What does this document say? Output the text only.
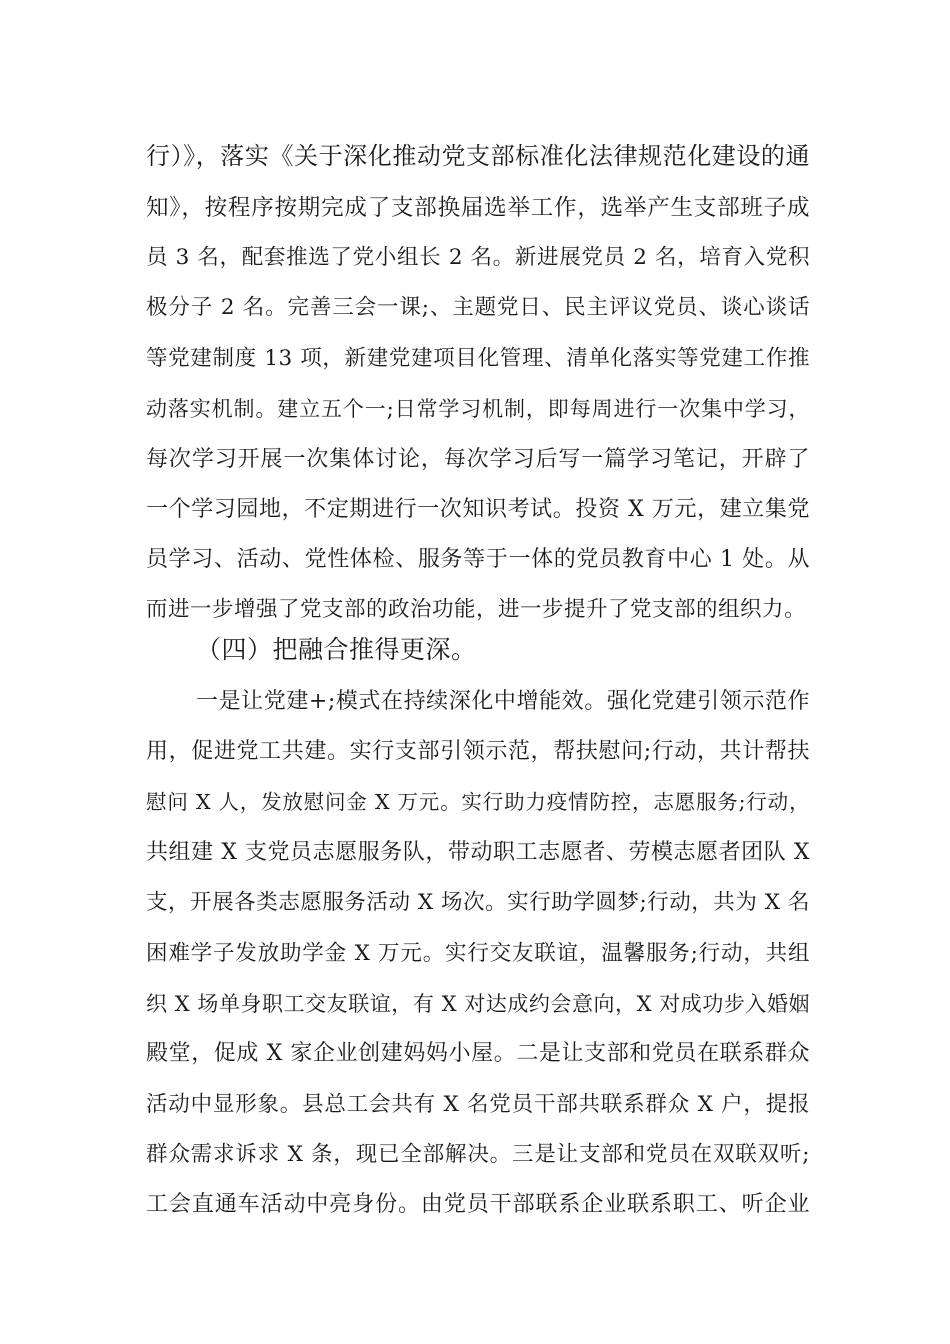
行）》，落实《关于深化推动党支部标准化法律规范化建设的通
知》，按程序按期完成了支部换届选举工作，选举产生支部班子成
员 3 名，配套推选了党小组长 2 名。新进展党员 2 名，培育入党积
极分子 2 名。完善三会一课;、主题党日、民主评议党员、谈心谈话
等党建制度 13 项，新建党建项目化管理、清单化落实等党建工作推
动落实机制。建立五个一;日常学习机制，即每周进行一次集中学习，
每次学习开展一次集体讨论，每次学习后写一篇学习笔记，开辟了
一个学习园地，不定期进行一次知识考试。投资 X 万元，建立集党
员学习、活动、党性体检、服务等于一体的党员教育中心 1 处。从
而进一步增强了党支部的政治功能，进一步提升了党支部的组织力。
（四）把融合推得更深。
一是让党建+;模式在持续深化中增能效。强化党建引领示范作
用，促进党工共建。实行支部引领示范，帮扶慰问;行动，共计帮扶
慰问 X 人，发放慰问金 X 万元。实行助力疫情防控，志愿服务;行动，
共组建 X 支党员志愿服务队，带动职工志愿者、劳模志愿者团队 X
支，开展各类志愿服务活动 X 场次。实行助学圆梦;行动，共为 X 名
困难学子发放助学金 X 万元。实行交友联谊，温馨服务;行动，共组
织 X 场单身职工交友联谊，有 X 对达成约会意向，X 对成功步入婚姻
殿堂，促成 X 家企业创建妈妈小屋。二是让支部和党员在联系群众
活动中显形象。县总工会共有 X 名党员干部共联系群众 X 户，提报
群众需求诉求 X 条，现已全部解决。三是让支部和党员在双联双听;
工会直通车活动中亮身份。由党员干部联系企业联系职工、听企业
